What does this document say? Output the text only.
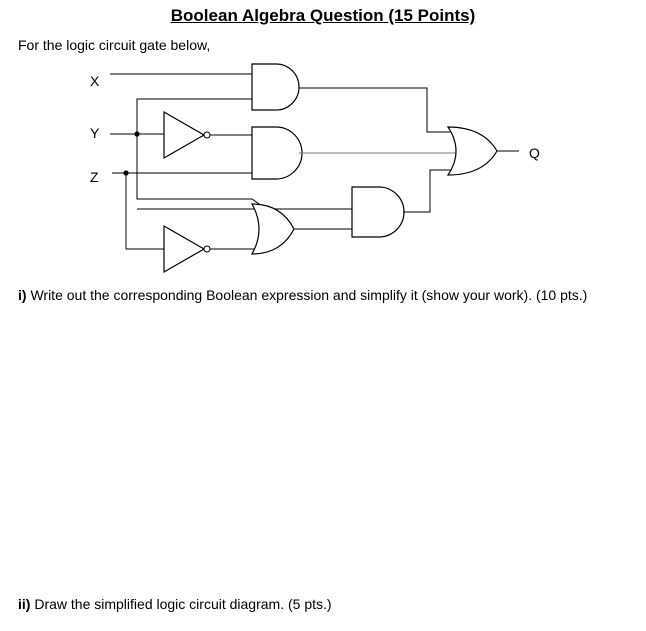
Boolean Algebra Question (15 Points)
For the logic circuit gate below,
X
Y
Z
Q
i) Write out the corresponding Boolean expression and simplify it (show your work). (10 pts.)
ii) Draw the simplified logic circuit diagram. (5 pts.)
